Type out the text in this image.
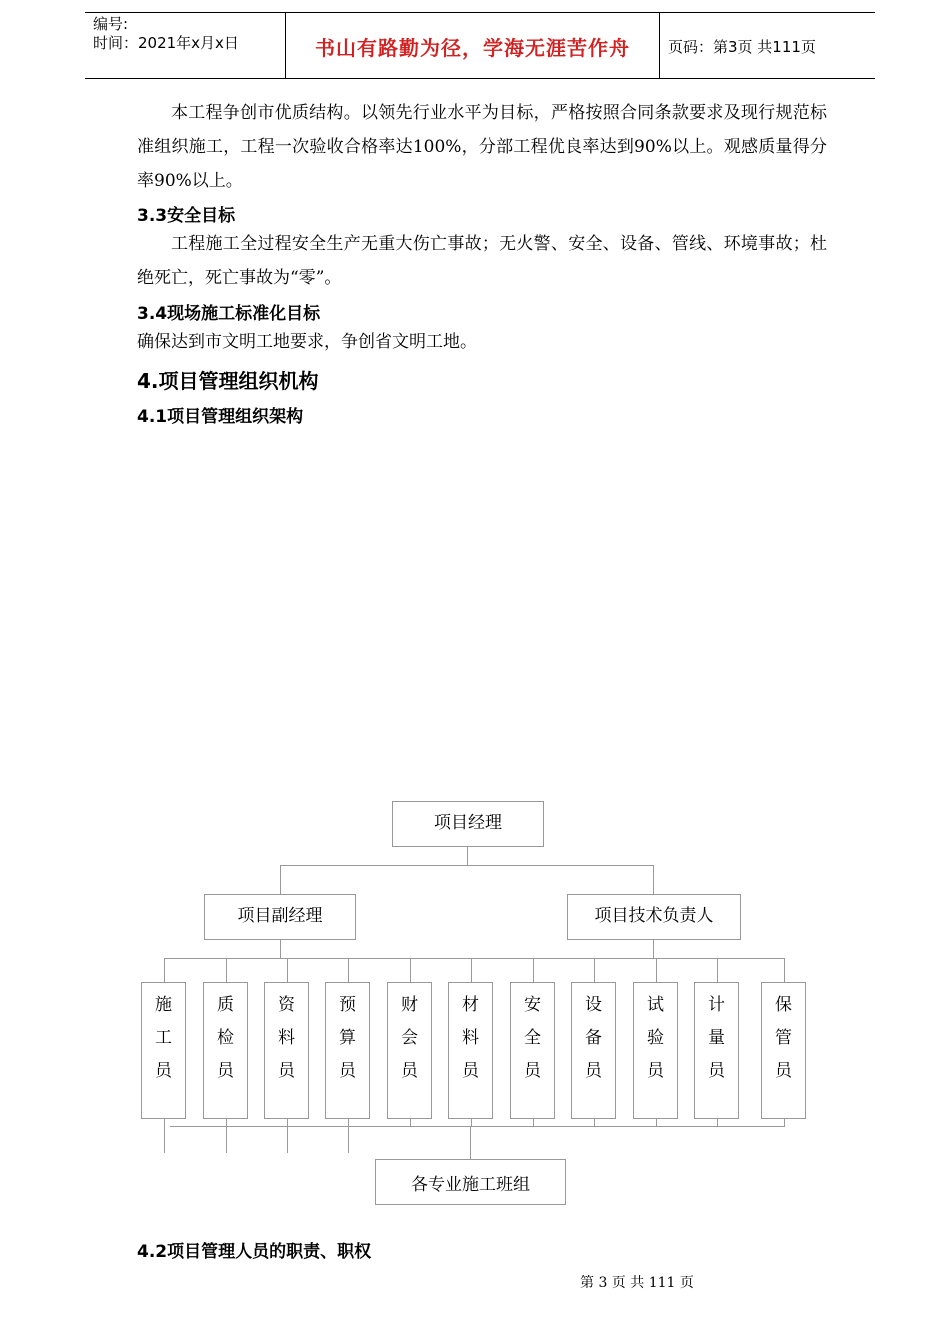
编号:
时间：2021年x月x日	书山有路勤为径，学海无涯苦作舟	页码：第3页 共111页
本工程争创市优质结构。以领先行业水平为目标，严格按照合同条款要求及现行规范标准组织施工，工程一次验收合格率达100%，分部工程优良率达到90%以上。观感质量得分率90%以上。
3.3安全目标
工程施工全过程安全生产无重大伤亡事故；无火警、安全、设备、管线、环境事故；杜绝死亡，死亡事故为“零”。
3.4现场施工标准化目标
确保达到市文明工地要求，争创省文明工地。
4.项目管理组织机构
4.1项目管理组织架构
项目经理
项目副经理	项目技术负责人
施
工
员
质
检
员
资
料
员
预
算
员
财
会
员
材
料
员
安
全
员
设
备
员
试
验
员
计
量
员
保
管
员
各专业施工班组
4.2项目管理人员的职责、职权
第 3 页 共 111 页
